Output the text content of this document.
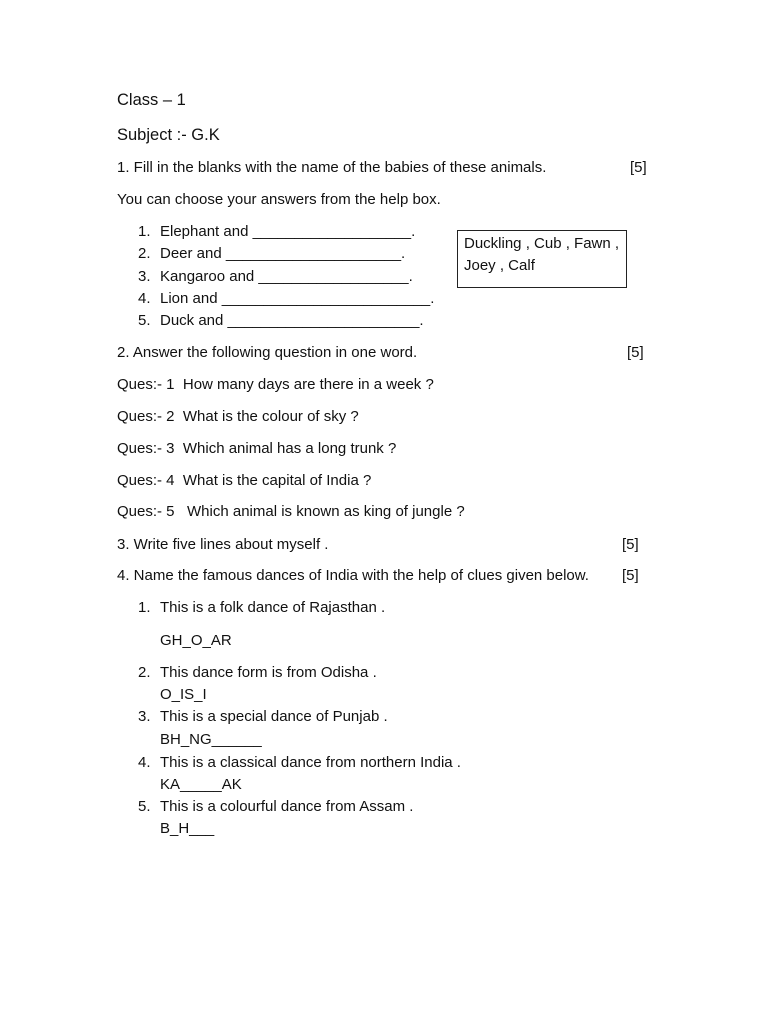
Class – 1
Subject :- G.K
1. Fill in the blanks with the name of the babies of these animals.	[5]
You can choose your answers from the help box.
1. Elephant and ___________________.
2. Deer and _____________________.
3. Kangaroo and __________________.
4. Lion and _________________________.
5. Duck and _______________________.
Duckling , Cub , Fawn , Joey , Calf
2. Answer the following question in one word.	[5]
Ques:- 1  How many days are there in a week ?
Ques:- 2  What is the colour of sky ?
Ques:- 3  Which animal has a long trunk ?
Ques:- 4  What is the capital of India ?
Ques:- 5   Which animal is known as king of jungle ?
3. Write five lines about myself .	[5]
4. Name the famous dances of India with the help of clues given below. [5]
1. This is a folk dance of Rajasthan .
GH_O_AR
2. This dance form is from Odisha .
O_IS_I
3. This is a special dance of Punjab .
BH_NG______
4. This is a classical dance from northern India .
KA_____AK
5. This is a colourful dance from Assam .
B_H___
